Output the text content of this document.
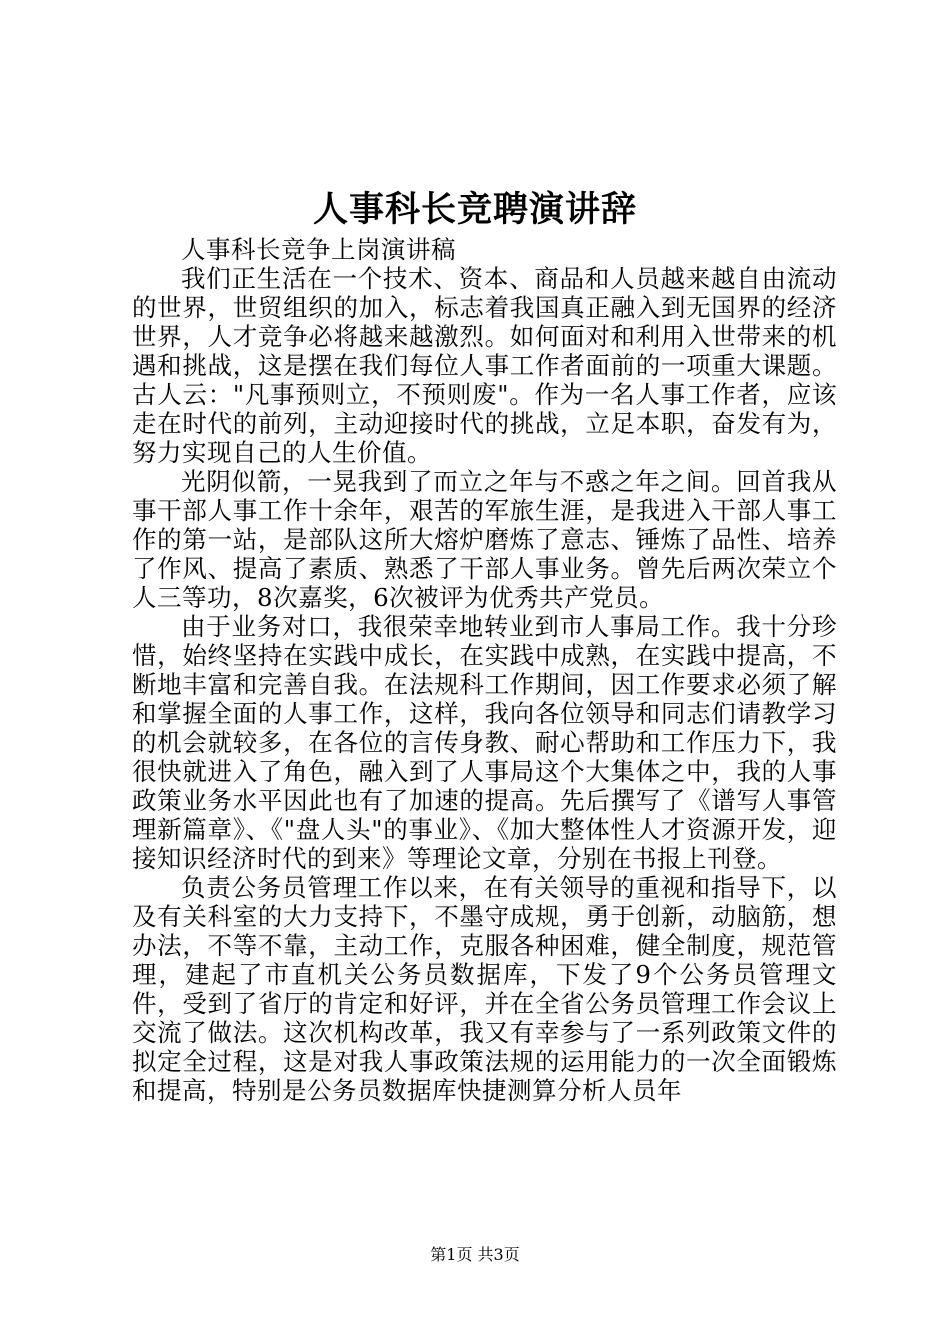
人事科长竞聘演讲辞

人事科长竞争上岗演讲稿

我们正生活在一个技术、资本、商品和人员越来越自由流动的世界，世贸组织的加入，标志着我国真正融入到无国界的经济世界，人才竞争必将越来越激烈。如何面对和利用入世带来的机遇和挑战，这是摆在我们每位人事工作者面前的一项重大课题。古人云："凡事预则立，不预则废"。作为一名人事工作者，应该走在时代的前列，主动迎接时代的挑战，立足本职，奋发有为，努力实现自己的人生价值。

光阴似箭，一晃我到了而立之年与不惑之年之间。回首我从事干部人事工作十余年，艰苦的军旅生涯，是我进入干部人事工作的第一站，是部队这所大熔炉磨炼了意志、锤炼了品性、培养了作风、提高了素质、熟悉了干部人事业务。曾先后两次荣立个人三等功，8次嘉奖，6次被评为优秀共产党员。

由于业务对口，我很荣幸地转业到市人事局工作。我十分珍惜，始终坚持在实践中成长，在实践中成熟，在实践中提高，不断地丰富和完善自我。在法规科工作期间，因工作要求必须了解和掌握全面的人事工作，这样，我向各位领导和同志们请教学习的机会就较多，在各位的言传身教、耐心帮助和工作压力下，我很快就进入了角色，融入到了人事局这个大集体之中，我的人事政策业务水平因此也有了加速的提高。先后撰写了《谱写人事管理新篇章》、《"盘人头"的事业》、《加大整体性人才资源开发，迎接知识经济时代的到来》等理论文章，分别在书报上刊登。

负责公务员管理工作以来，在有关领导的重视和指导下，以及有关科室的大力支持下，不墨守成规，勇于创新，动脑筋，想办法，不等不靠，主动工作，克服各种困难，健全制度，规范管理，建起了市直机关公务员数据库，下发了9个公务员管理文件，受到了省厅的肯定和好评，并在全省公务员管理工作会议上交流了做法。这次机构改革，我又有幸参与了一系列政策文件的拟定全过程，这是对我人事政策法规的运用能力的一次全面锻炼和提高，特别是公务员数据库快捷测算分析人员年

第1页 共3页
